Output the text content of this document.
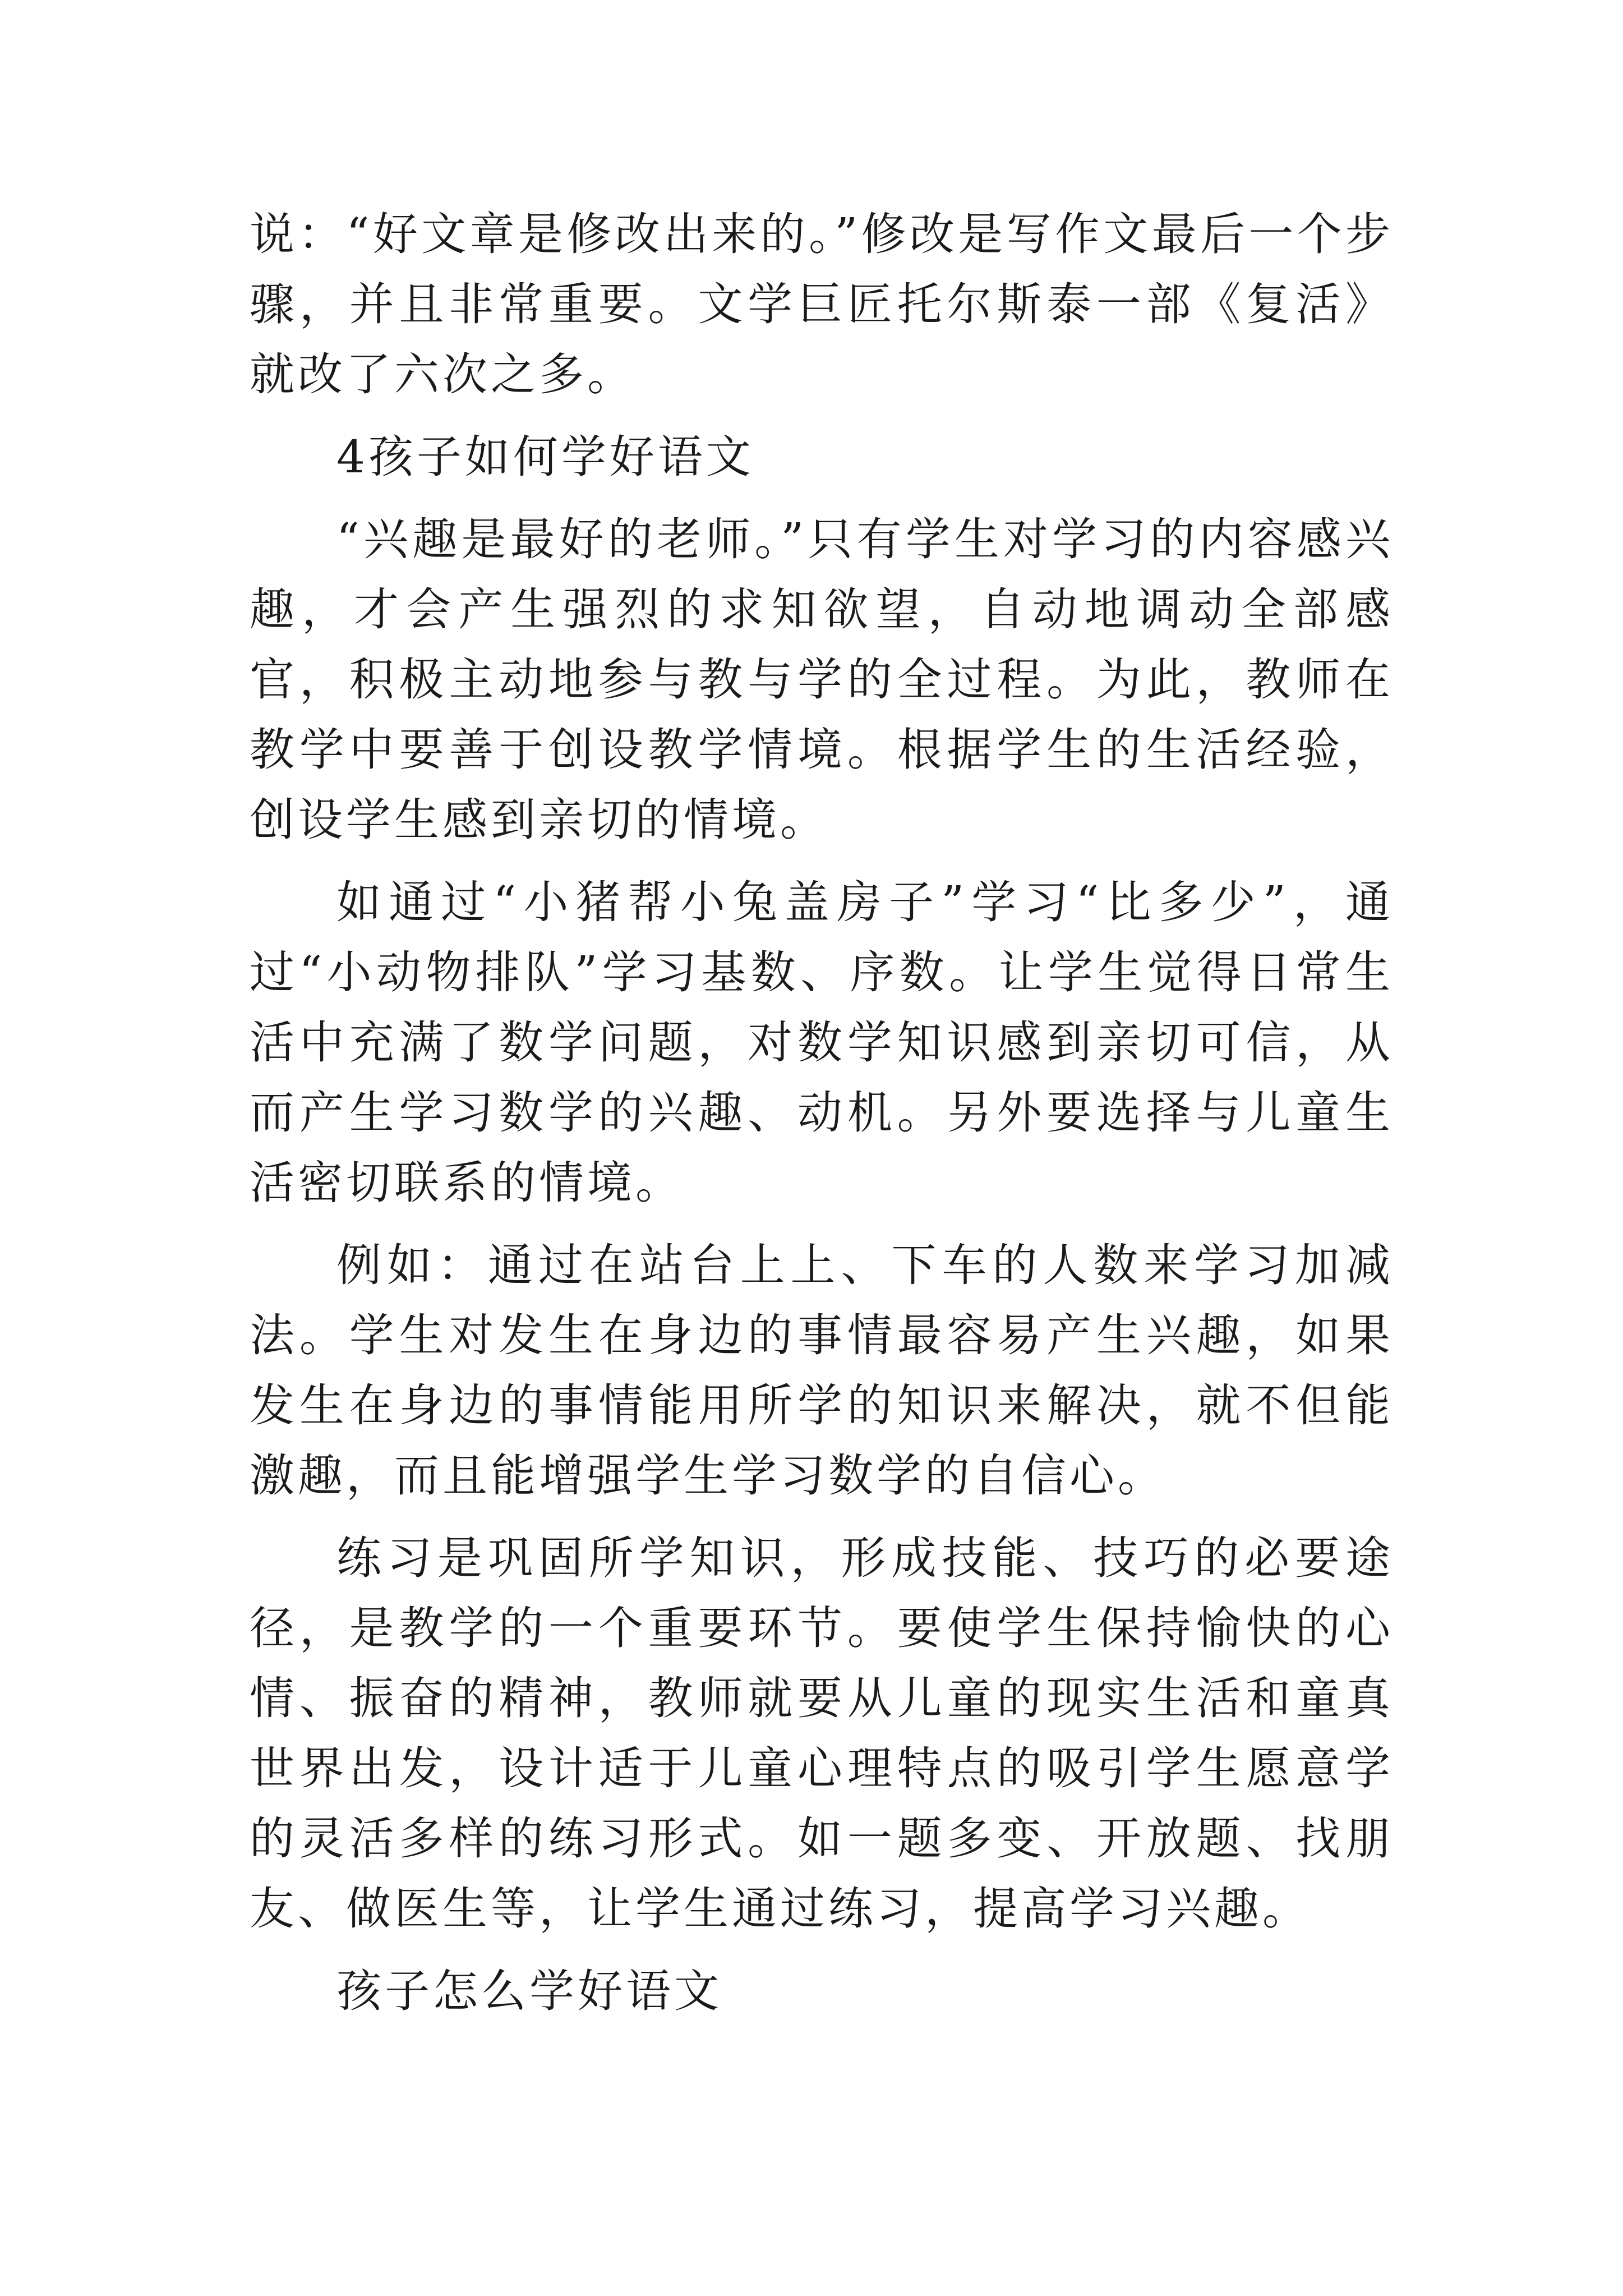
说：“好文章是修改出来的。”修改是写作文最后一个步骤，并且非常重要。文学巨匠托尔斯泰一部《复活》就改了六次之多。

4孩子如何学好语文

“兴趣是最好的老师。”只有学生对学习的内容感兴趣，才会产生强烈的求知欲望，自动地调动全部感官，积极主动地参与教与学的全过程。为此，教师在教学中要善于创设教学情境。根据学生的生活经验，创设学生感到亲切的情境。

如通过“小猪帮小兔盖房子”学习“比多少”，通过“小动物排队”学习基数、序数。让学生觉得日常生活中充满了数学问题，对数学知识感到亲切可信，从而产生学习数学的兴趣、动机。另外要选择与儿童生活密切联系的情境。

例如：通过在站台上上、下车的人数来学习加减法。学生对发生在身边的事情最容易产生兴趣，如果发生在身边的事情能用所学的知识来解决，就不但能激趣，而且能增强学生学习数学的自信心。

练习是巩固所学知识，形成技能、技巧的必要途径，是教学的一个重要环节。要使学生保持愉快的心情、振奋的精神，教师就要从儿童的现实生活和童真世界出发，设计适于儿童心理特点的吸引学生愿意学的灵活多样的练习形式。如一题多变、开放题、找朋友、做医生等，让学生通过练习，提高学习兴趣。

孩子怎么学好语文
